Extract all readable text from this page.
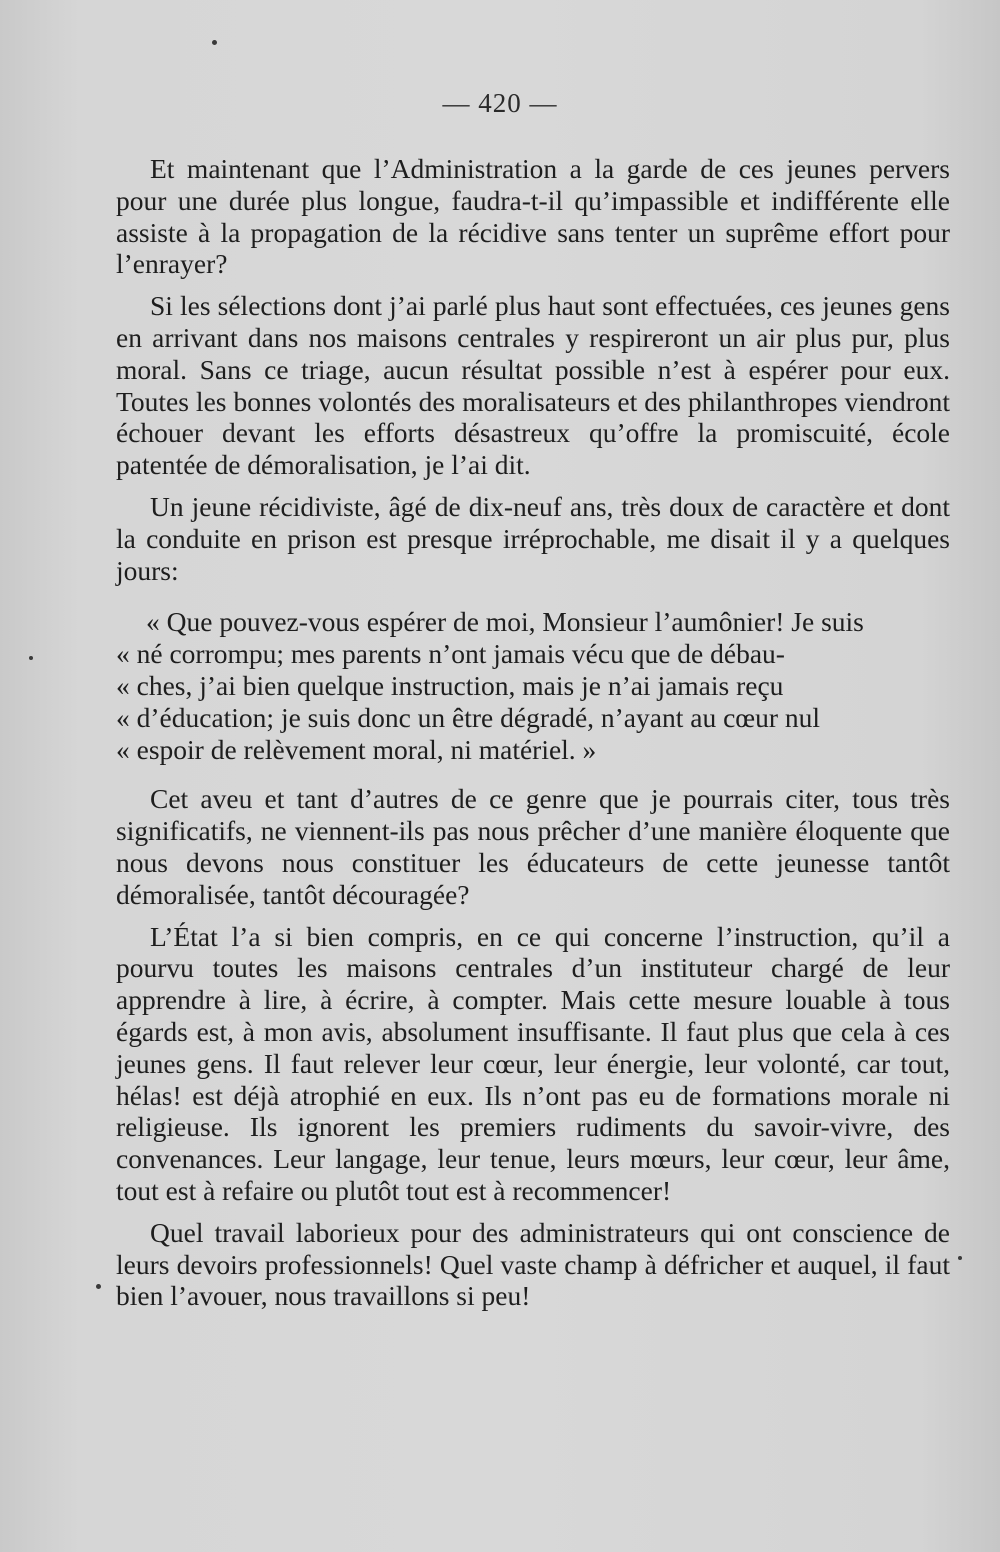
— 420 —

Et maintenant que l’Administration a la garde de ces jeunes pervers pour une durée plus longue, faudra-t-il qu’impassible et indifférente elle assiste à la propagation de la récidive sans tenter un suprême effort pour l’enrayer?

Si les sélections dont j’ai parlé plus haut sont effectuées, ces jeunes gens en arrivant dans nos maisons centrales y respireront un air plus pur, plus moral. Sans ce triage, aucun résultat possible n’est à espérer pour eux. Toutes les bonnes volontés des moralisateurs et des philanthropes viendront échouer devant les efforts désastreux qu’offre la promiscuité, école patentée de démoralisation, je l’ai dit.

Un jeune récidiviste, âgé de dix-neuf ans, très doux de caractère et dont la conduite en prison est presque irréprochable, me disait il y a quelques jours:

« Que pouvez-vous espérer de moi, Monsieur l’aumônier! Je suis
« né corrompu; mes parents n’ont jamais vécu que de débau-
« ches, j’ai bien quelque instruction, mais je n’ai jamais reçu
« d’éducation; je suis donc un être dégradé, n’ayant au cœur nul
« espoir de relèvement moral, ni matériel. »

Cet aveu et tant d’autres de ce genre que je pourrais citer, tous très significatifs, ne viennent-ils pas nous prêcher d’une manière éloquente que nous devons nous constituer les éducateurs de cette jeunesse tantôt démoralisée, tantôt découragée?

L’État l’a si bien compris, en ce qui concerne l’instruction, qu’il a pourvu toutes les maisons centrales d’un instituteur chargé de leur apprendre à lire, à écrire, à compter. Mais cette mesure louable à tous égards est, à mon avis, absolument insuffisante. Il faut plus que cela à ces jeunes gens. Il faut relever leur cœur, leur énergie, leur volonté, car tout, hélas! est déjà atrophié en eux. Ils n’ont pas eu de formations morale ni religieuse. Ils ignorent les premiers rudiments du savoir-vivre, des convenances. Leur langage, leur tenue, leurs mœurs, leur cœur, leur âme, tout est à refaire ou plutôt tout est à recommencer!

Quel travail laborieux pour des administrateurs qui ont conscience de leurs devoirs professionnels! Quel vaste champ à défricher et auquel, il faut bien l’avouer, nous travaillons si peu!
